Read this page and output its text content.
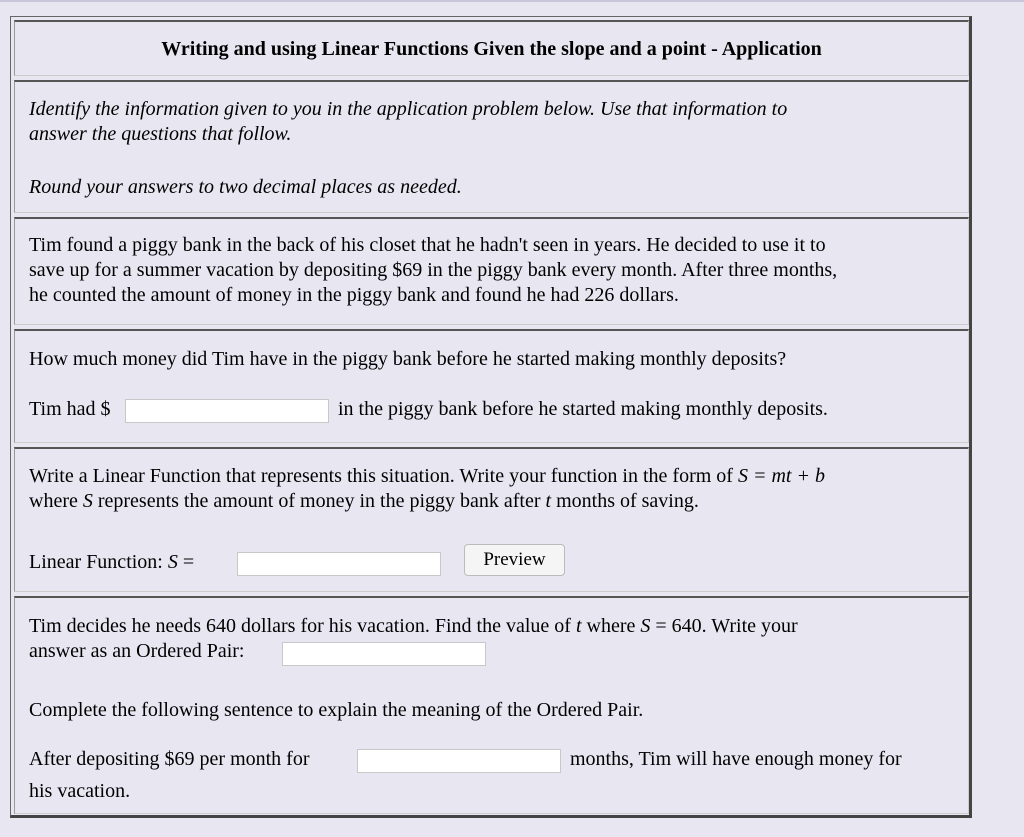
Writing and using Linear Functions Given the slope and a point - Application
Identify the information given to you in the application problem below. Use that information to
answer the questions that follow.
Round your answers to two decimal places as needed.
Tim found a piggy bank in the back of his closet that he hadn't seen in years. He decided to use it to
save up for a summer vacation by depositing $69 in the piggy bank every month. After three months,
he counted the amount of money in the piggy bank and found he had 226 dollars.
How much money did Tim have in the piggy bank before he started making monthly deposits?
Tim had $	in the piggy bank before he started making monthly deposits.
Write a Linear Function that represents this situation. Write your function in the form of S = mt + b
where S represents the amount of money in the piggy bank after t months of saving.
Linear Function: S =	Preview
Tim decides he needs 640 dollars for his vacation. Find the value of t where S = 640. Write your
answer as an Ordered Pair:
Complete the following sentence to explain the meaning of the Ordered Pair.
After depositing $69 per month for	months, Tim will have enough money for
his vacation.
